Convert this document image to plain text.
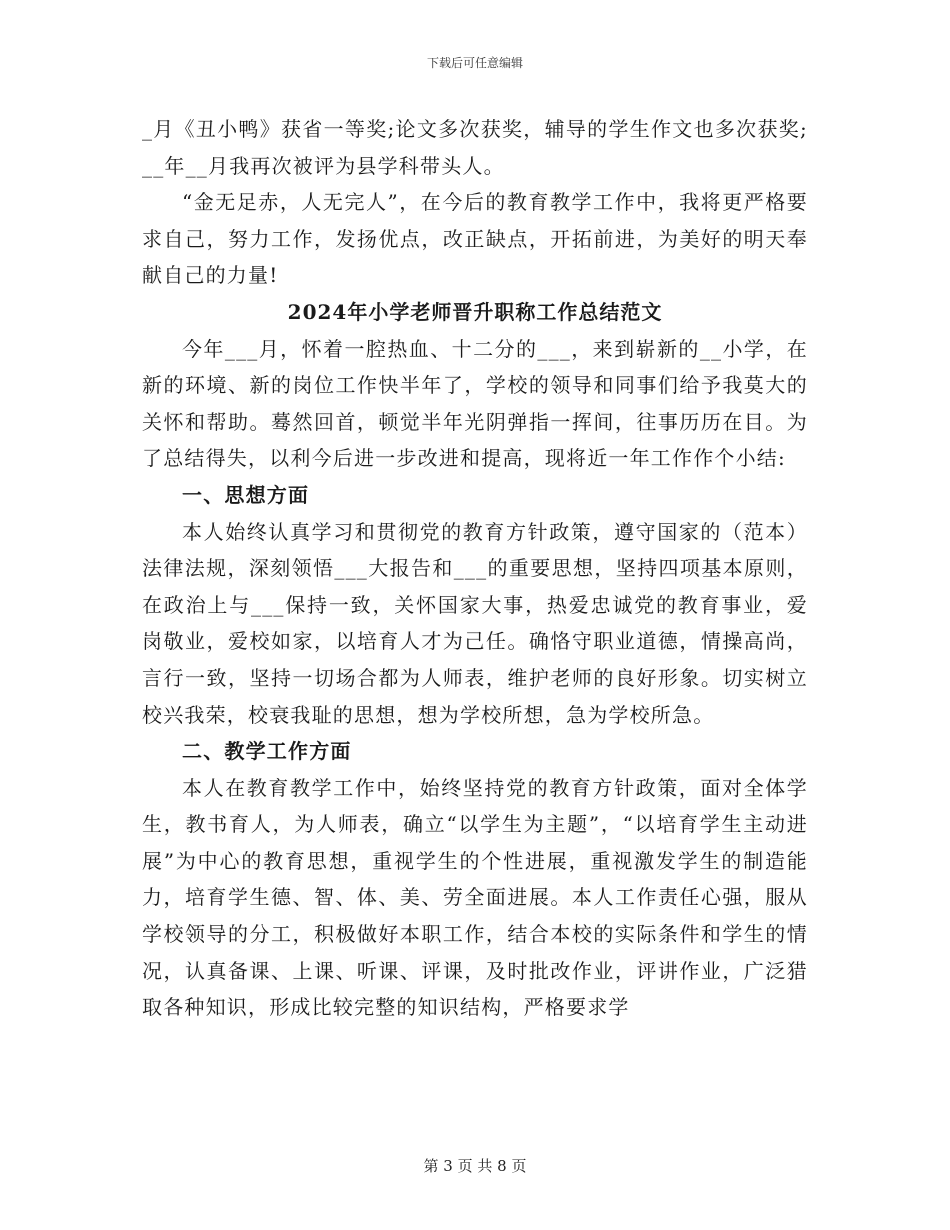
下载后可任意编辑

_月《丑小鸭》获省一等奖;论文多次获奖，辅导的学生作文也多次获奖;__年__月我再次被评为县学科带头人。

“金无足赤，人无完人”，在今后的教育教学工作中，我将更严格要求自己，努力工作，发扬优点，改正缺点，开拓前进，为美好的明天奉献自己的力量!

2024年小学老师晋升职称工作总结范文

今年___月，怀着一腔热血、十二分的___，来到崭新的__小学，在新的环境、新的岗位工作快半年了，学校的领导和同事们给予我莫大的关怀和帮助。蓦然回首，顿觉半年光阴弹指一挥间，往事历历在目。为了总结得失，以利今后进一步改进和提高，现将近一年工作作个小结:

一、思想方面

本人始终认真学习和贯彻党的教育方针政策，遵守国家的（范本）法律法规，深刻领悟___大报告和___的重要思想，坚持四项基本原则，在政治上与___保持一致，关怀国家大事，热爱忠诚党的教育事业，爱岗敬业，爱校如家，以培育人才为己任。确恪守职业道德，情操高尚，言行一致，坚持一切场合都为人师表，维护老师的良好形象。切实树立校兴我荣，校衰我耻的思想，想为学校所想，急为学校所急。

二、教学工作方面

本人在教育教学工作中，始终坚持党的教育方针政策，面对全体学生，教书育人，为人师表，确立“以学生为主题”，“以培育学生主动进展”为中心的教育思想，重视学生的个性进展，重视激发学生的制造能力，培育学生德、智、体、美、劳全面进展。本人工作责任心强，服从学校领导的分工，积极做好本职工作，结合本校的实际条件和学生的情况，认真备课、上课、听课、评课，及时批改作业，评讲作业，广泛猎取各种知识，形成比较完整的知识结构，严格要求学

第 3 页 共 8 页
